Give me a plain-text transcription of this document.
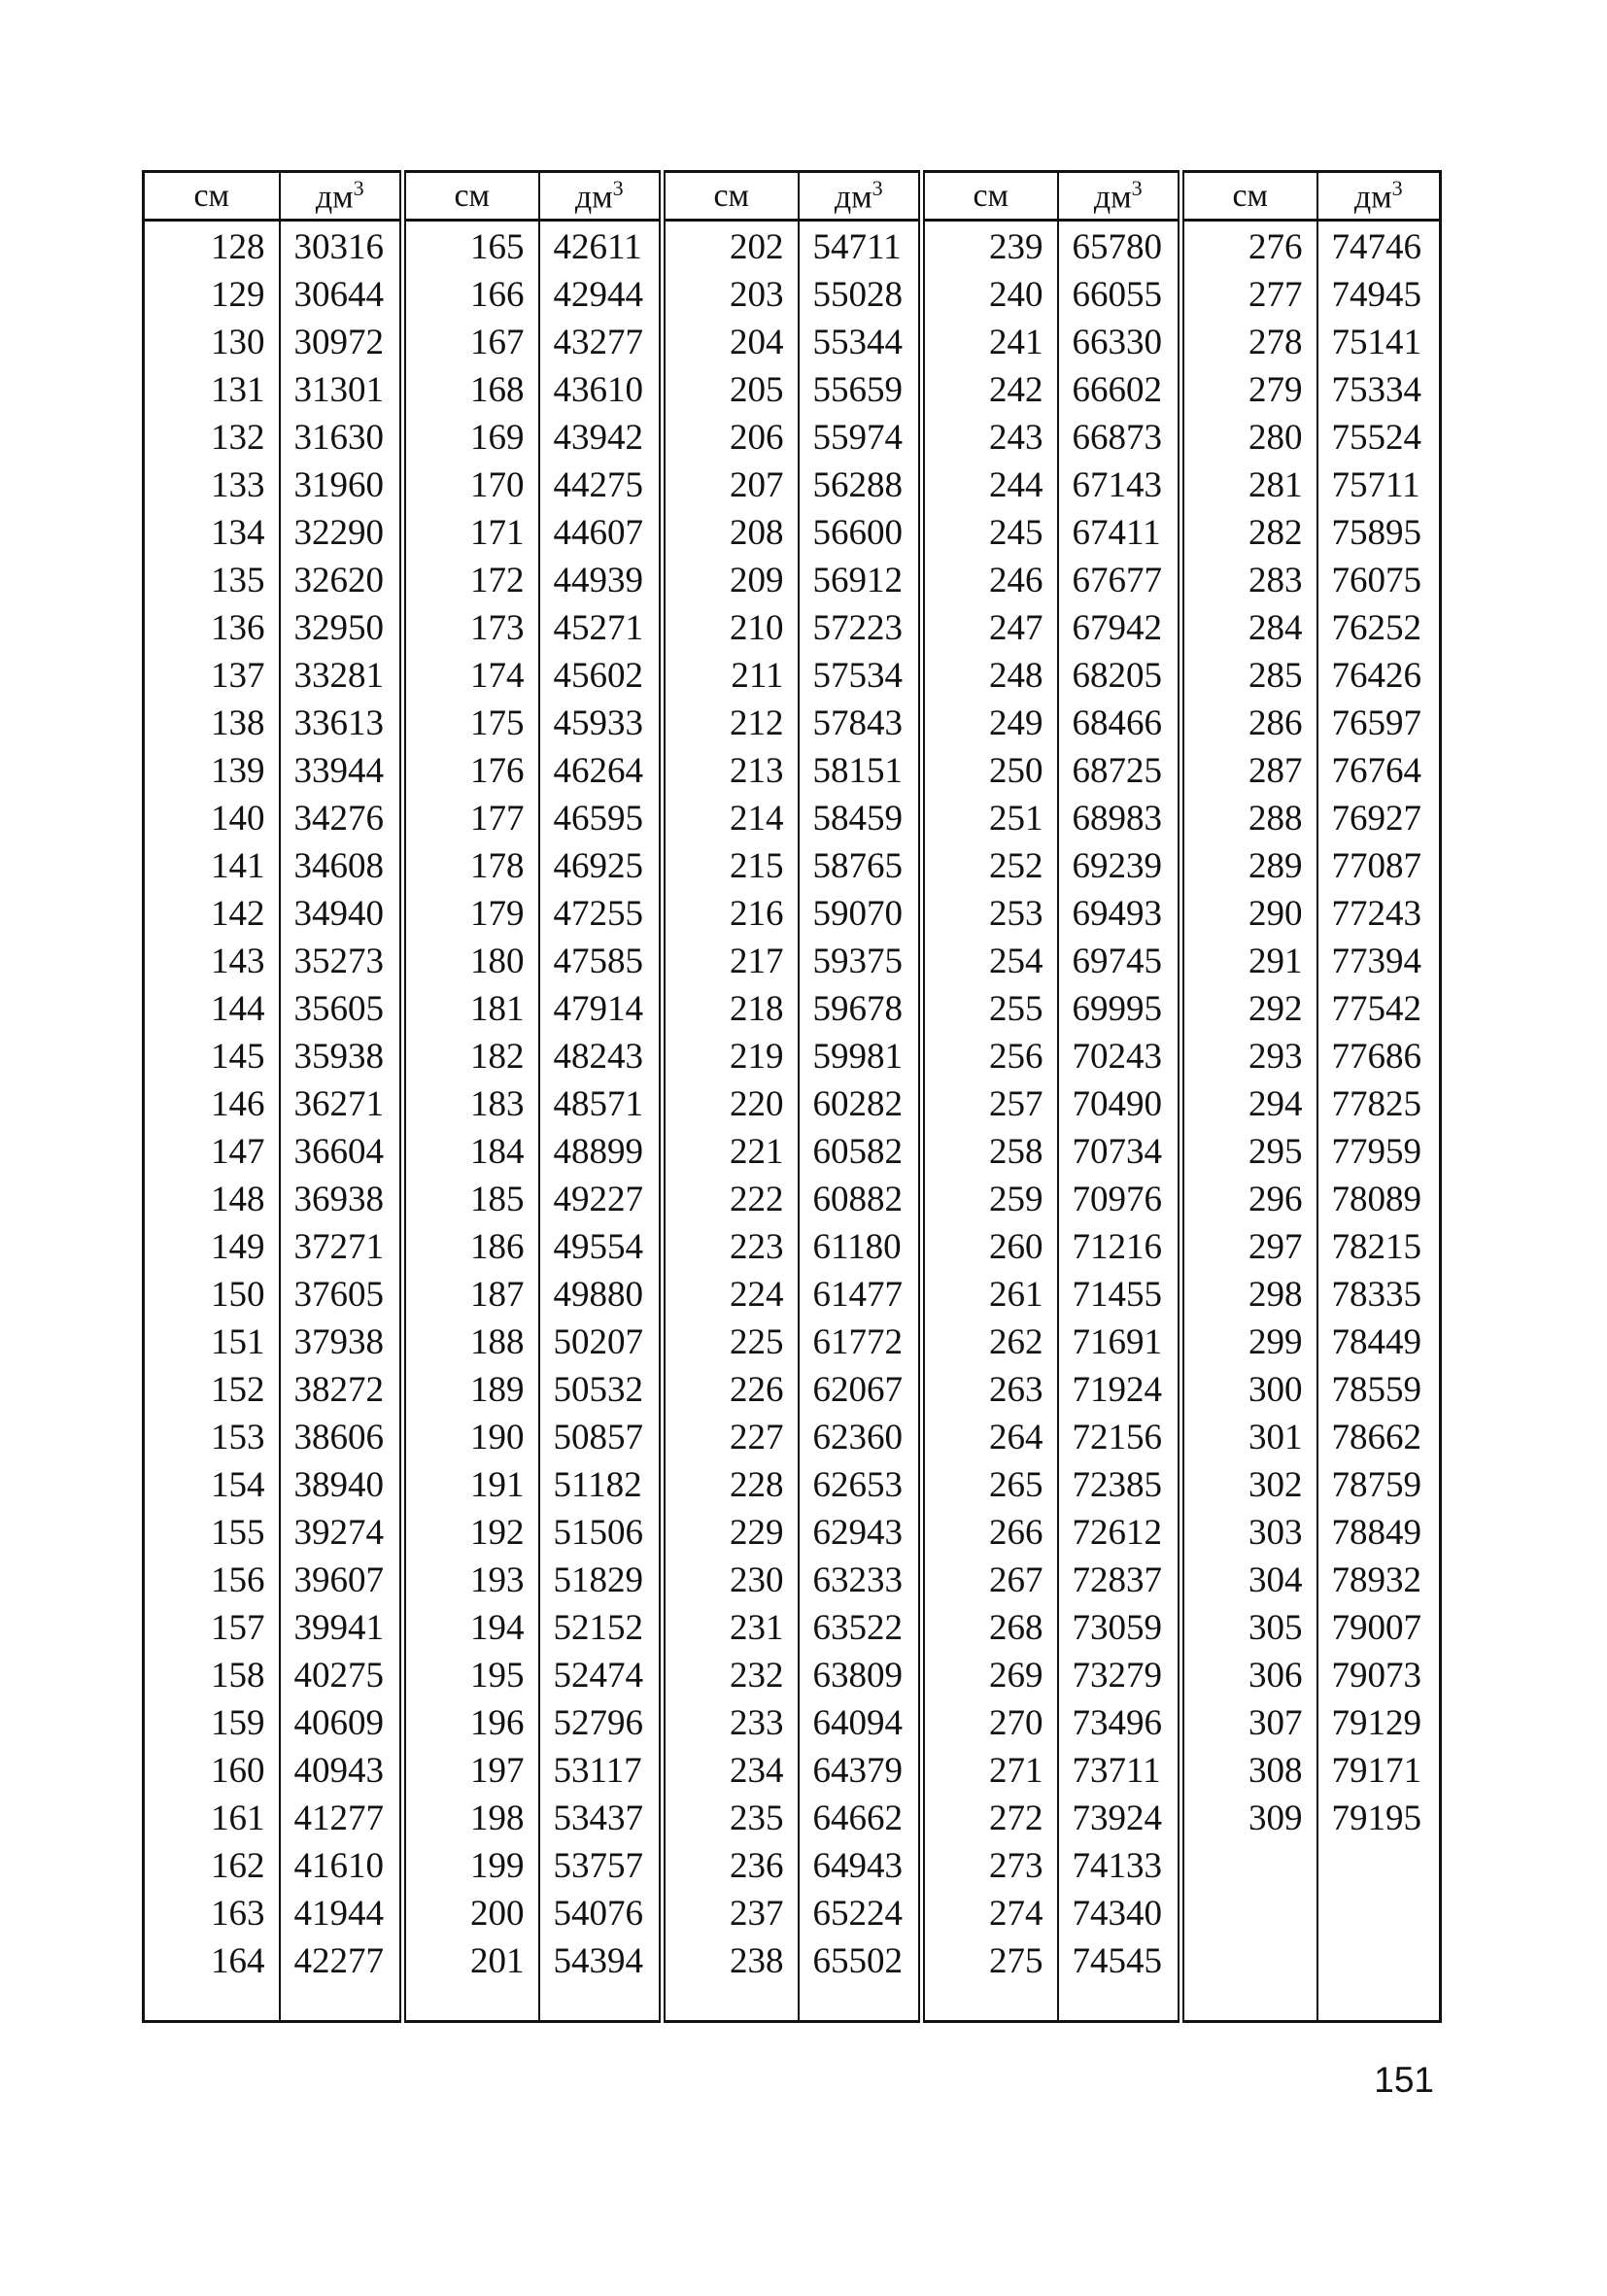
см	$дм^3$	см	$дм^3$	см	$дм^3$	см	$дм^3$	см	$дм^3$
128	30316	165	42611	202	54711	239	65780	276	74746
129	30644	166	42944	203	55028	240	66055	277	74945
130	30972	167	43277	204	55344	241	66330	278	75141
131	31301	168	43610	205	55659	242	66602	279	75334
132	31630	169	43942	206	55974	243	66873	280	75524
133	31960	170	44275	207	56288	244	67143	281	75711
134	32290	171	44607	208	56600	245	67411	282	75895
135	32620	172	44939	209	56912	246	67677	283	76075
136	32950	173	45271	210	57223	247	67942	284	76252
137	33281	174	45602	211	57534	248	68205	285	76426
138	33613	175	45933	212	57843	249	68466	286	76597
139	33944	176	46264	213	58151	250	68725	287	76764
140	34276	177	46595	214	58459	251	68983	288	76927
141	34608	178	46925	215	58765	252	69239	289	77087
142	34940	179	47255	216	59070	253	69493	290	77243
143	35273	180	47585	217	59375	254	69745	291	77394
144	35605	181	47914	218	59678	255	69995	292	77542
145	35938	182	48243	219	59981	256	70243	293	77686
146	36271	183	48571	220	60282	257	70490	294	77825
147	36604	184	48899	221	60582	258	70734	295	77959
148	36938	185	49227	222	60882	259	70976	296	78089
149	37271	186	49554	223	61180	260	71216	297	78215
150	37605	187	49880	224	61477	261	71455	298	78335
151	37938	188	50207	225	61772	262	71691	299	78449
152	38272	189	50532	226	62067	263	71924	300	78559
153	38606	190	50857	227	62360	264	72156	301	78662
154	38940	191	51182	228	62653	265	72385	302	78759
155	39274	192	51506	229	62943	266	72612	303	78849
156	39607	193	51829	230	63233	267	72837	304	78932
157	39941	194	52152	231	63522	268	73059	305	79007
158	40275	195	52474	232	63809	269	73279	306	79073
159	40609	196	52796	233	64094	270	73496	307	79129
160	40943	197	53117	234	64379	271	73711	308	79171
161	41277	198	53437	235	64662	272	73924	309	79195
162	41610	199	53757	236	64943	273	74133		
163	41944	200	54076	237	65224	274	74340		
164	42277	201	54394	238	65502	275	74545		

151
